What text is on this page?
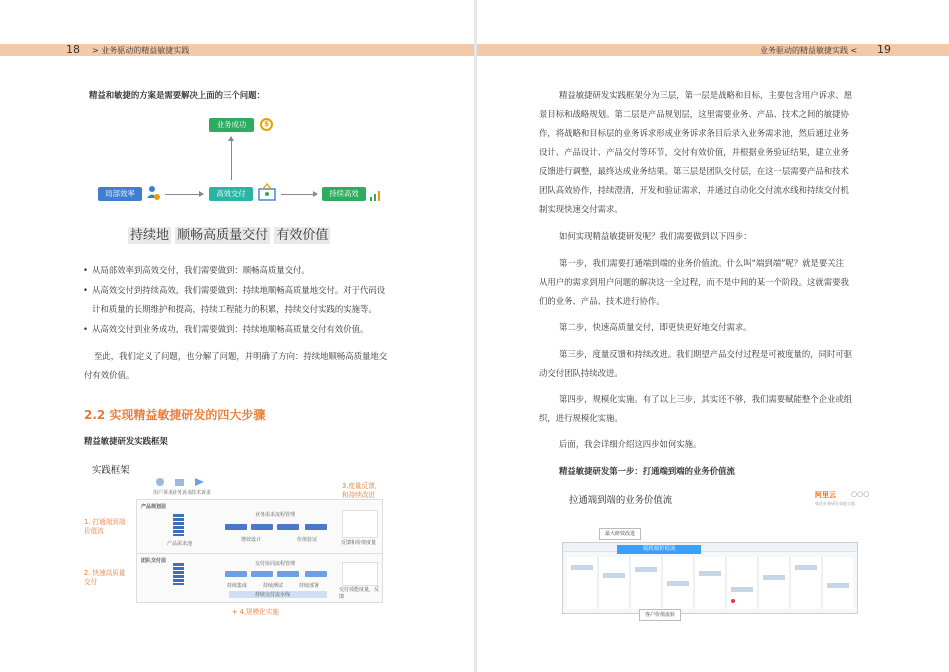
18 > 业务驱动的精益敏捷实践
精益和敏捷的方案是需要解决上面的三个问题：
业务成功	$
局部效率	高效交付	持续高效
持续地 顺畅高质量交付 有效价值
• 从局部效率到高效交付，我们需要做到：顺畅高质量交付。
• 从高效交付到持续高效，我们需要做到：持续地顺畅高质量地交付。对于代码设
计和质量的长期维护和提高，持续工程能力的积累，持续交付实践的实施等。
• 从高效交付到业务成功，我们需要做到：持续地顺畅高质量交付有效价值。
至此，我们定义了问题，也分解了问题，并明确了方向：持续地顺畅高质量地交
付有效价值。
2.2 实现精益敏捷研发的四大步骤
精益敏捷研发实践框架
实践框架
用户诉求
业务诉求
技术诉求
3.度量反馈，
和持续改进
产品规划层
业务需求流程管理
产品需求池
增效设计	价值验证	反馈和价值度量
1. 打通端到端
价值流
团队交付层	交付协同流程管理
持续集成	持续测试	持续部署
持续交付流水线
交付效能度量，反馈
2. 快速高质量
交付
+ 4.规模化实施
业务驱动的精益敏捷实践 < 19
精益敏捷研发实践框架分为三层，第一层是战略和目标，主要包含用户诉求、愿
景目标和战略规划。第二层是产品规划层，这里需要业务、产品、技术之间的敏捷协
作，将战略和目标层的业务诉求形成业务诉求条目后录入业务需求池，然后通过业务
设计、产品设计、产品交付等环节，交付有效价值，并根据业务验证结果，建立业务
反馈进行调整，最终达成业务结果。第三层是团队交付层，在这一层需要产品和技术
团队高效协作，持续澄清，开发和验证需求，并通过自动化交付流水线和持续交付机
制实现快速交付需求。
如何实现精益敏捷研发呢？我们需要做到以下四步：
第一步，我们需要打通端到端的业务价值流。什么叫“端到端”呢？就是要关注
从用户的需求到用户问题的解决这一全过程，而不是中间的某一个阶段。这就需要我
们的业务、产品、技术进行协作。
第二步，快速高质量交付，即更快更好地交付需求。
第三步，度量反馈和持续改进。我们期望产品交付过程是可被度量的，同时可驱
动交付团队持续改进。
第四步，规模化实施。有了以上三步，其实还不够，我们需要赋能整个企业或组
织，进行规模化实施。
后面，我会详细介绍这四步如何实施。
精益敏捷研发第一步：打通端到端的业务价值流
拉通端到端的业务价值流	阿里云 ○○○
集团业务研发效能实践
最大研效改进
端到端价值流
客户价值流转
